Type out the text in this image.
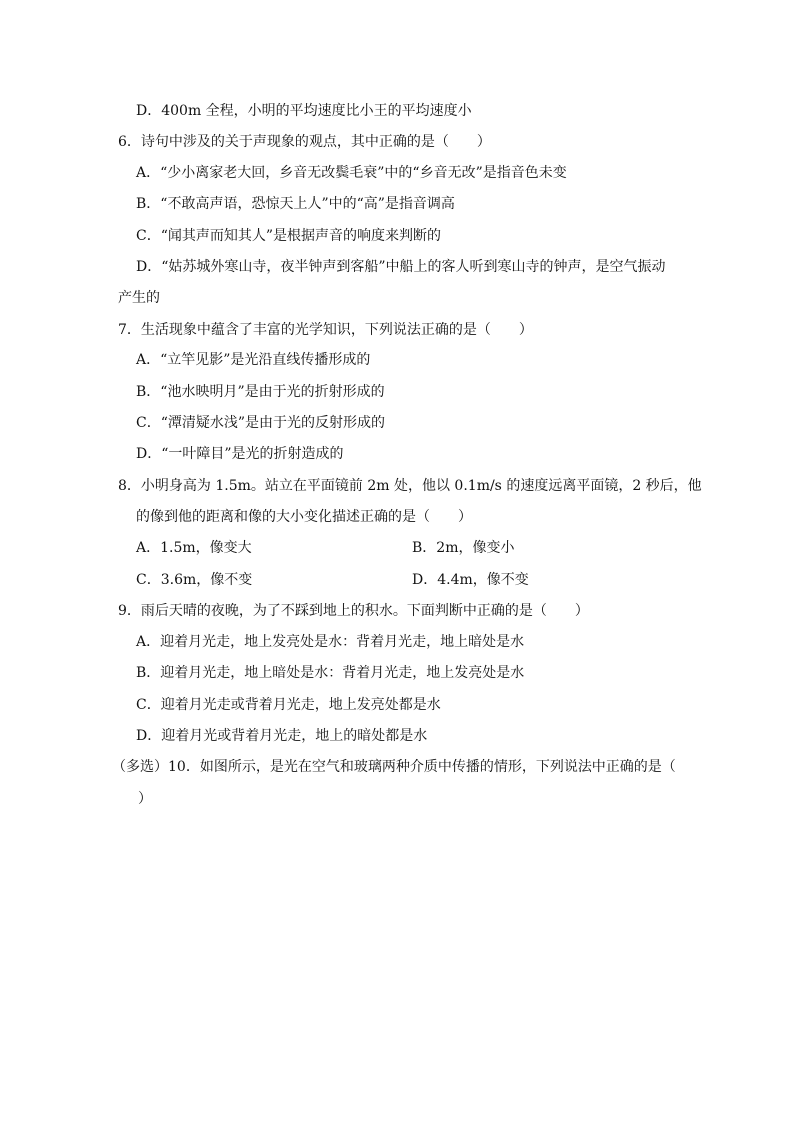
D．400m 全程，小明的平均速度比小王的平均速度小
6．诗句中涉及的关于声现象的观点，其中正确的是（　　）
A．“少小离家老大回，乡音无改鬓毛衰”中的“乡音无改”是指音色未变
B．“不敢高声语，恐惊天上人”中的“高”是指音调高
C．“闻其声而知其人”是根据声音的响度来判断的
D．“姑苏城外寒山寺，夜半钟声到客船”中船上的客人听到寒山寺的钟声，是空气振动
产生的
7．生活现象中蕴含了丰富的光学知识，下列说法正确的是（　　）
A．“立竿见影”是光沿直线传播形成的
B．“池水映明月”是由于光的折射形成的
C．“潭清疑水浅”是由于光的反射形成的
D．“一叶障目”是光的折射造成的
8．小明身高为 1.5m。站立在平面镜前 2m 处，他以 0.1m/s 的速度远离平面镜，2 秒后，他
的像到他的距离和像的大小变化描述正确的是（　　）
A．1.5m，像变大	B．2m，像变小
C．3.6m，像不变	D．4.4m，像不变
9．雨后天晴的夜晚，为了不踩到地上的积水。下面判断中正确的是（　　）
A．迎着月光走，地上发亮处是水：背着月光走，地上暗处是水
B．迎着月光走，地上暗处是水：背着月光走，地上发亮处是水
C．迎着月光走或背着月光走，地上发亮处都是水
D．迎着月光或背着月光走，地上的暗处都是水
（多选）10．如图所示，是光在空气和玻璃两种介质中传播的情形，下列说法中正确的是（
）
